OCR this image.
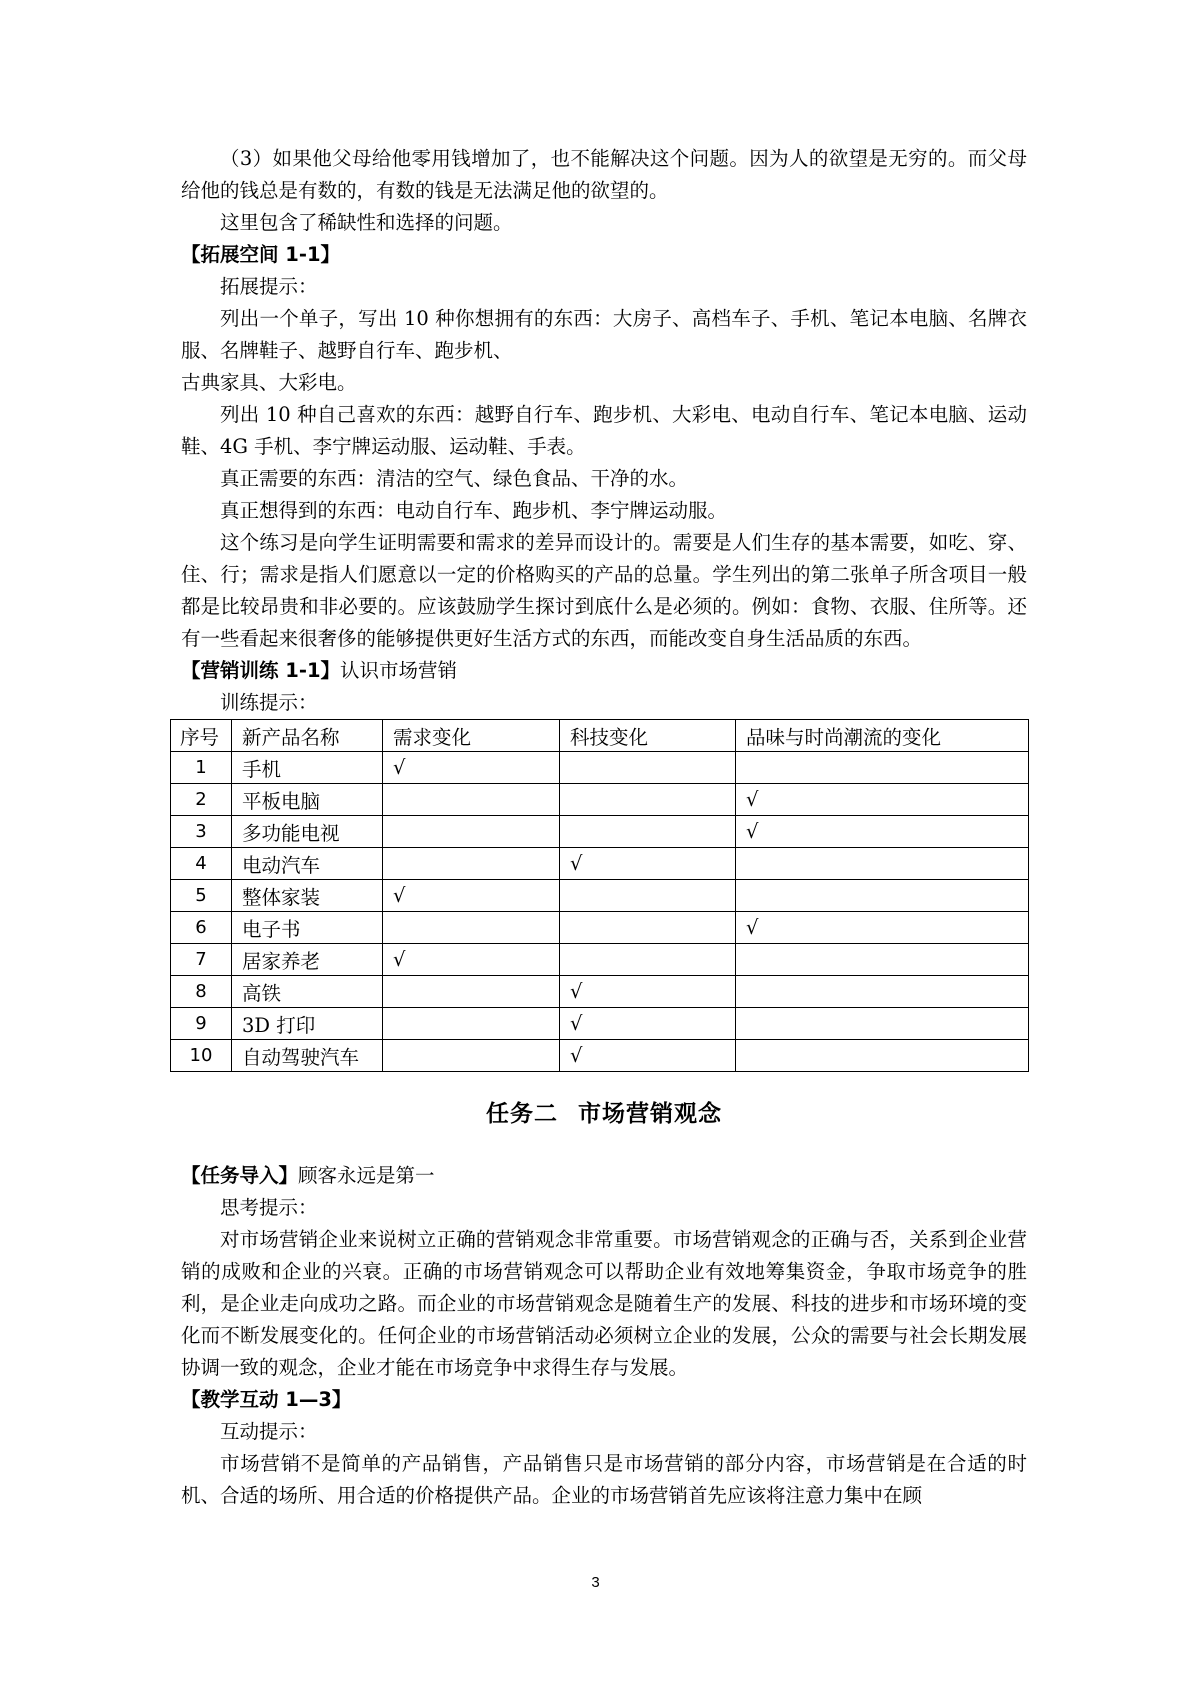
（3）如果他父母给他零用钱增加了，也不能解决这个问题。因为人的欲望是无穷的。而父母给他的钱总是有数的，有数的钱是无法满足他的欲望的。

这里包含了稀缺性和选择的问题。

【拓展空间 1-1】

拓展提示：

列出一个单子，写出 10 种你想拥有的东西：大房子、高档车子、手机、笔记本电脑、名牌衣服、名牌鞋子、越野自行车、跑步机、

古典家具、大彩电。

列出 10 种自己喜欢的东西：越野自行车、跑步机、大彩电、电动自行车、笔记本电脑、运动鞋、4G 手机、李宁牌运动服、运动鞋、手表。

真正需要的东西：清洁的空气、绿色食品、干净的水。

真正想得到的东西：电动自行车、跑步机、李宁牌运动服。

这个练习是向学生证明需要和需求的差异而设计的。需要是人们生存的基本需要，如吃、穿、住、行；需求是指人们愿意以一定的价格购买的产品的总量。学生列出的第二张单子所含项目一般都是比较昂贵和非必要的。应该鼓励学生探讨到底什么是必须的。例如：食物、衣服、住所等。还有一些看起来很奢侈的能够提供更好生活方式的东西，而能改变自身生活品质的东西。

【营销训练 1-1】认识市场营销

训练提示：

序号	新产品名称	需求变化	科技变化	品味与时尚潮流的变化
1	手机	√		
2	平板电脑			√
3	多功能电视			√
4	电动汽车		√	
5	整体家装	√		
6	电子书			√
7	居家养老	√		
8	高铁		√	
9	3D 打印		√	
10	自动驾驶汽车		√	
任务二 市场营销观念

【任务导入】顾客永远是第一

思考提示：

对市场营销企业来说树立正确的营销观念非常重要。市场营销观念的正确与否，关系到企业营销的成败和企业的兴衰。正确的市场营销观念可以帮助企业有效地筹集资金，争取市场竞争的胜利，是企业走向成功之路。而企业的市场营销观念是随着生产的发展、科技的进步和市场环境的变化而不断发展变化的。任何企业的市场营销活动必须树立企业的发展，公众的需要与社会长期发展协调一致的观念，企业才能在市场竞争中求得生存与发展。

【教学互动 1—3】

互动提示：

市场营销不是简单的产品销售，产品销售只是市场营销的部分内容，市场营销是在合适的时机、合适的场所、用合适的价格提供产品。企业的市场营销首先应该将注意力集中在顾

3
